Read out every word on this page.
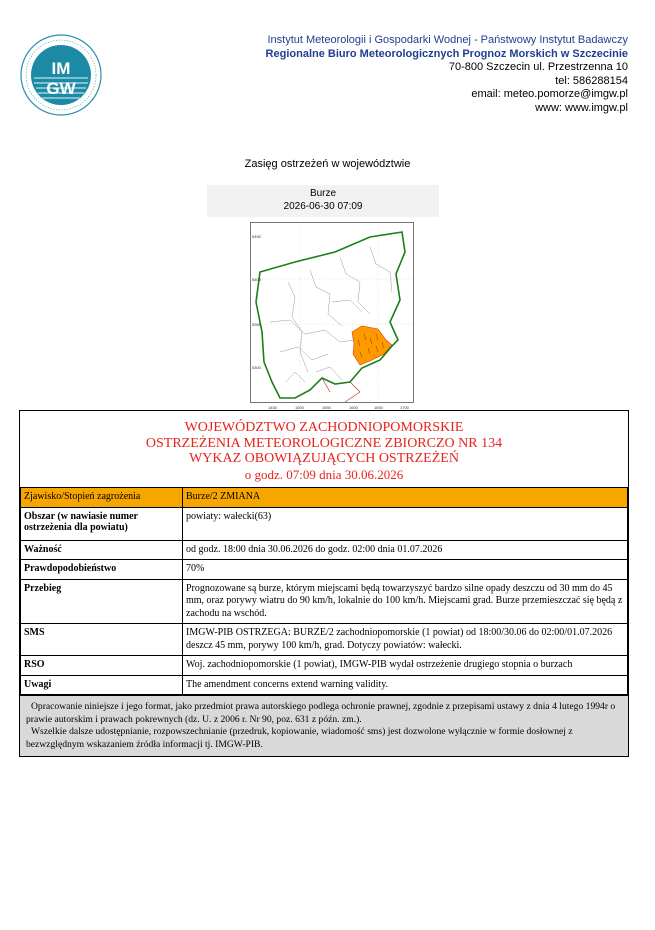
IM
GW
Instytut Meteorologii i Gospodarki Wodnej - Państwowy Instytut Badawczy
Regionalne Biuro Meteorologicznych Prognoz Morskich w Szczecinie
70-800 Szczecin ul. Przestrzenna 10
tel: 586288154
email: meteo.pomorze@imgw.pl
www: www.imgw.pl
Zasięg ostrzeżeń w województwie
Burze
2026-06-30 07:09
5450
5400
5350
5300
1450	1500	1550	1600	1650	1700
WOJEWÓDZTWO ZACHODNIOPOMORSKIE
OSTRZEŻENIA METEOROLOGICZNE ZBIORCZO NR 134
WYKAZ OBOWIĄZUJĄCYCH OSTRZEŻEŃ
o godz. 07:09 dnia 30.06.2026
Zjawisko/Stopień zagrożenia	Burze/2 ZMIANA
Obszar (w nawiasie numer ostrzeżenia dla powiatu)	powiaty: wałecki(63)
Ważność	od godz. 18:00 dnia 30.06.2026 do godz. 02:00 dnia 01.07.2026
Prawdopodobieństwo	70%
Przebieg	Prognozowane są burze, którym miejscami będą towarzyszyć bardzo silne opady deszczu od 30 mm do 45 mm, oraz porywy wiatru do 90 km/h, lokalnie do 100 km/h. Miejscami grad. Burze przemieszczać się będą z zachodu na wschód.
SMS	IMGW-PIB OSTRZEGA: BURZE/2 zachodniopomorskie (1 powiat) od 18:00/30.06 do 02:00/01.07.2026 deszcz 45 mm, porywy 100 km/h, grad. Dotyczy powiatów: wałecki.
RSO	Woj. zachodniopomorskie (1 powiat), IMGW-PIB wydał ostrzeżenie drugiego stopnia o burzach
Uwagi	The amendment concerns extend warning validity.
Opracowanie niniejsze i jego format, jako przedmiot prawa autorskiego podlega ochronie prawnej, zgodnie z przepisami ustawy z dnia 4 lutego 1994r o prawie autorskim i prawach pokrewnych (dz. U. z 2006 r. Nr 90, poz. 631 z późn. zm.).
Wszelkie dalsze udostępnianie, rozpowszechnianie (przedruk, kopiowanie, wiadomość sms) jest dozwolone wyłącznie w formie dosłownej z bezwzględnym wskazaniem źródła informacji tj. IMGW-PIB.
